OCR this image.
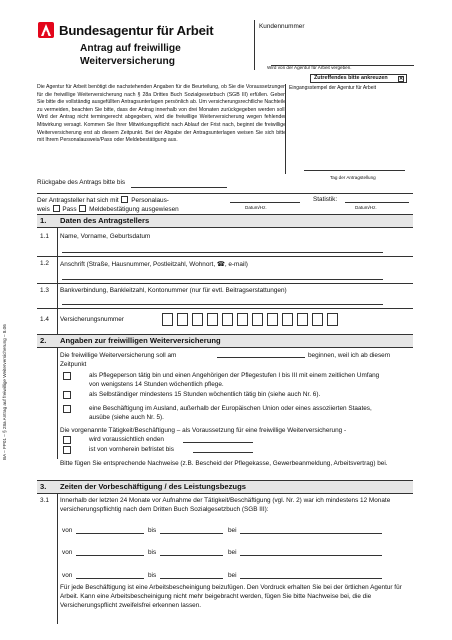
BA – FP01 – § 28a Antrag auf freiwillige Weiterversicherung – 8.06
Bundesagentur für Arbeit
Antrag auf freiwillige
Weiterversicherung
Kundennummer
Wird von der Agentur für Arbeit vergeben.
Zutreffendes bitte ankreuzen ✕
Die Agentur für Arbeit benötigt die nachstehenden Angaben für die Beurteilung, ob Sie die Voraussetzungen für die freiwillige Weiterversicherung nach § 28a Drittes Buch Sozialgesetzbuch (SGB III) erfüllen. Geben Sie bitte die vollständig ausgefüllten Antragsunterlagen persönlich ab. Um versicherungsrechtliche Nachteile zu vermeiden, beachten Sie bitte, dass der Antrag innerhalb von drei Monaten zurückgegeben werden soll. Wird der Antrag nicht termingerecht abgegeben, wird die freiwillige Weiterversicherung wegen fehlender Mitwirkung versagt. Kommen Sie Ihrer Mitwirkungspflicht nach Ablauf der Frist nach, beginnt die freiwillige Weiterversicherung erst ab diesem Zeitpunkt. Bei der Abgabe der Antragsunterlagen weisen Sie sich bitte mit Ihrem Personalausweis/Pass oder Meldebestätigung aus.
Eingangsstempel der Agentur für Arbeit
Tag der Antragstellung
Rückgabe des Antrags bitte bis
Der Antragsteller hat sich mit Personalaus-
weis Pass Meldebestätigung ausgewiesen	Datum/Hz.
Statistik:
Datum/Hz.
1. Daten des Antragstellers
1.1 Name, Vorname, Geburtsdatum
1.2 Anschrift (Straße, Hausnummer, Postleitzahl, Wohnort, ☎, e-mail)
1.3 Bankverbindung, Bankleitzahl, Kontonummer (nur für evtl. Beitragserstattungen)
1.4 Versicherungsnummer
2. Angaben zur freiwilligen Weiterversicherung
Die freiwillige Weiterversicherung soll am	beginnen, weil ich ab diesem
Zeitpunkt
als Pflegeperson tätig bin und einen Angehörigen der Pflegestufen I bis III mit einem zeitlichen Umfang von wenigstens 14 Stunden wöchentlich pflege.
als Selbständiger mindestens 15 Stunden wöchentlich tätig bin (siehe auch Nr. 6).
eine Beschäftigung im Ausland, außerhalb der Europäischen Union oder eines assoziierten Staates, ausübe (siehe auch Nr. 5).
Die vorgenannte Tätigkeit/Beschäftigung – als Voraussetzung für eine freiwillige Weiterversicherung -
wird voraussichtlich enden
ist von vornherein befristet bis
Bitte fügen Sie entsprechende Nachweise (z.B. Bescheid der Pflegekasse, Gewerbeanmeldung, Arbeitsvertrag) bei.
3. Zeiten der Vorbeschäftigung / des Leistungsbezugs
3.1 Innerhalb der letzten 24 Monate vor Aufnahme der Tätigkeit/Beschäftigung (vgl. Nr. 2) war ich mindestens 12 Monate versicherungspflichtig nach dem Dritten Buch Sozialgesetzbuch (SGB III):
von	bis	bei
von	bis	bei
von	bis	bei
Für jede Beschäftigung ist eine Arbeitsbescheinigung beizufügen. Den Vordruck erhalten Sie bei der örtlichen Agentur für Arbeit. Kann eine Arbeitsbescheinigung nicht mehr beigebracht werden, fügen Sie bitte Nachweise bei, die die Versicherungspflicht zweifelsfrei erkennen lassen.
